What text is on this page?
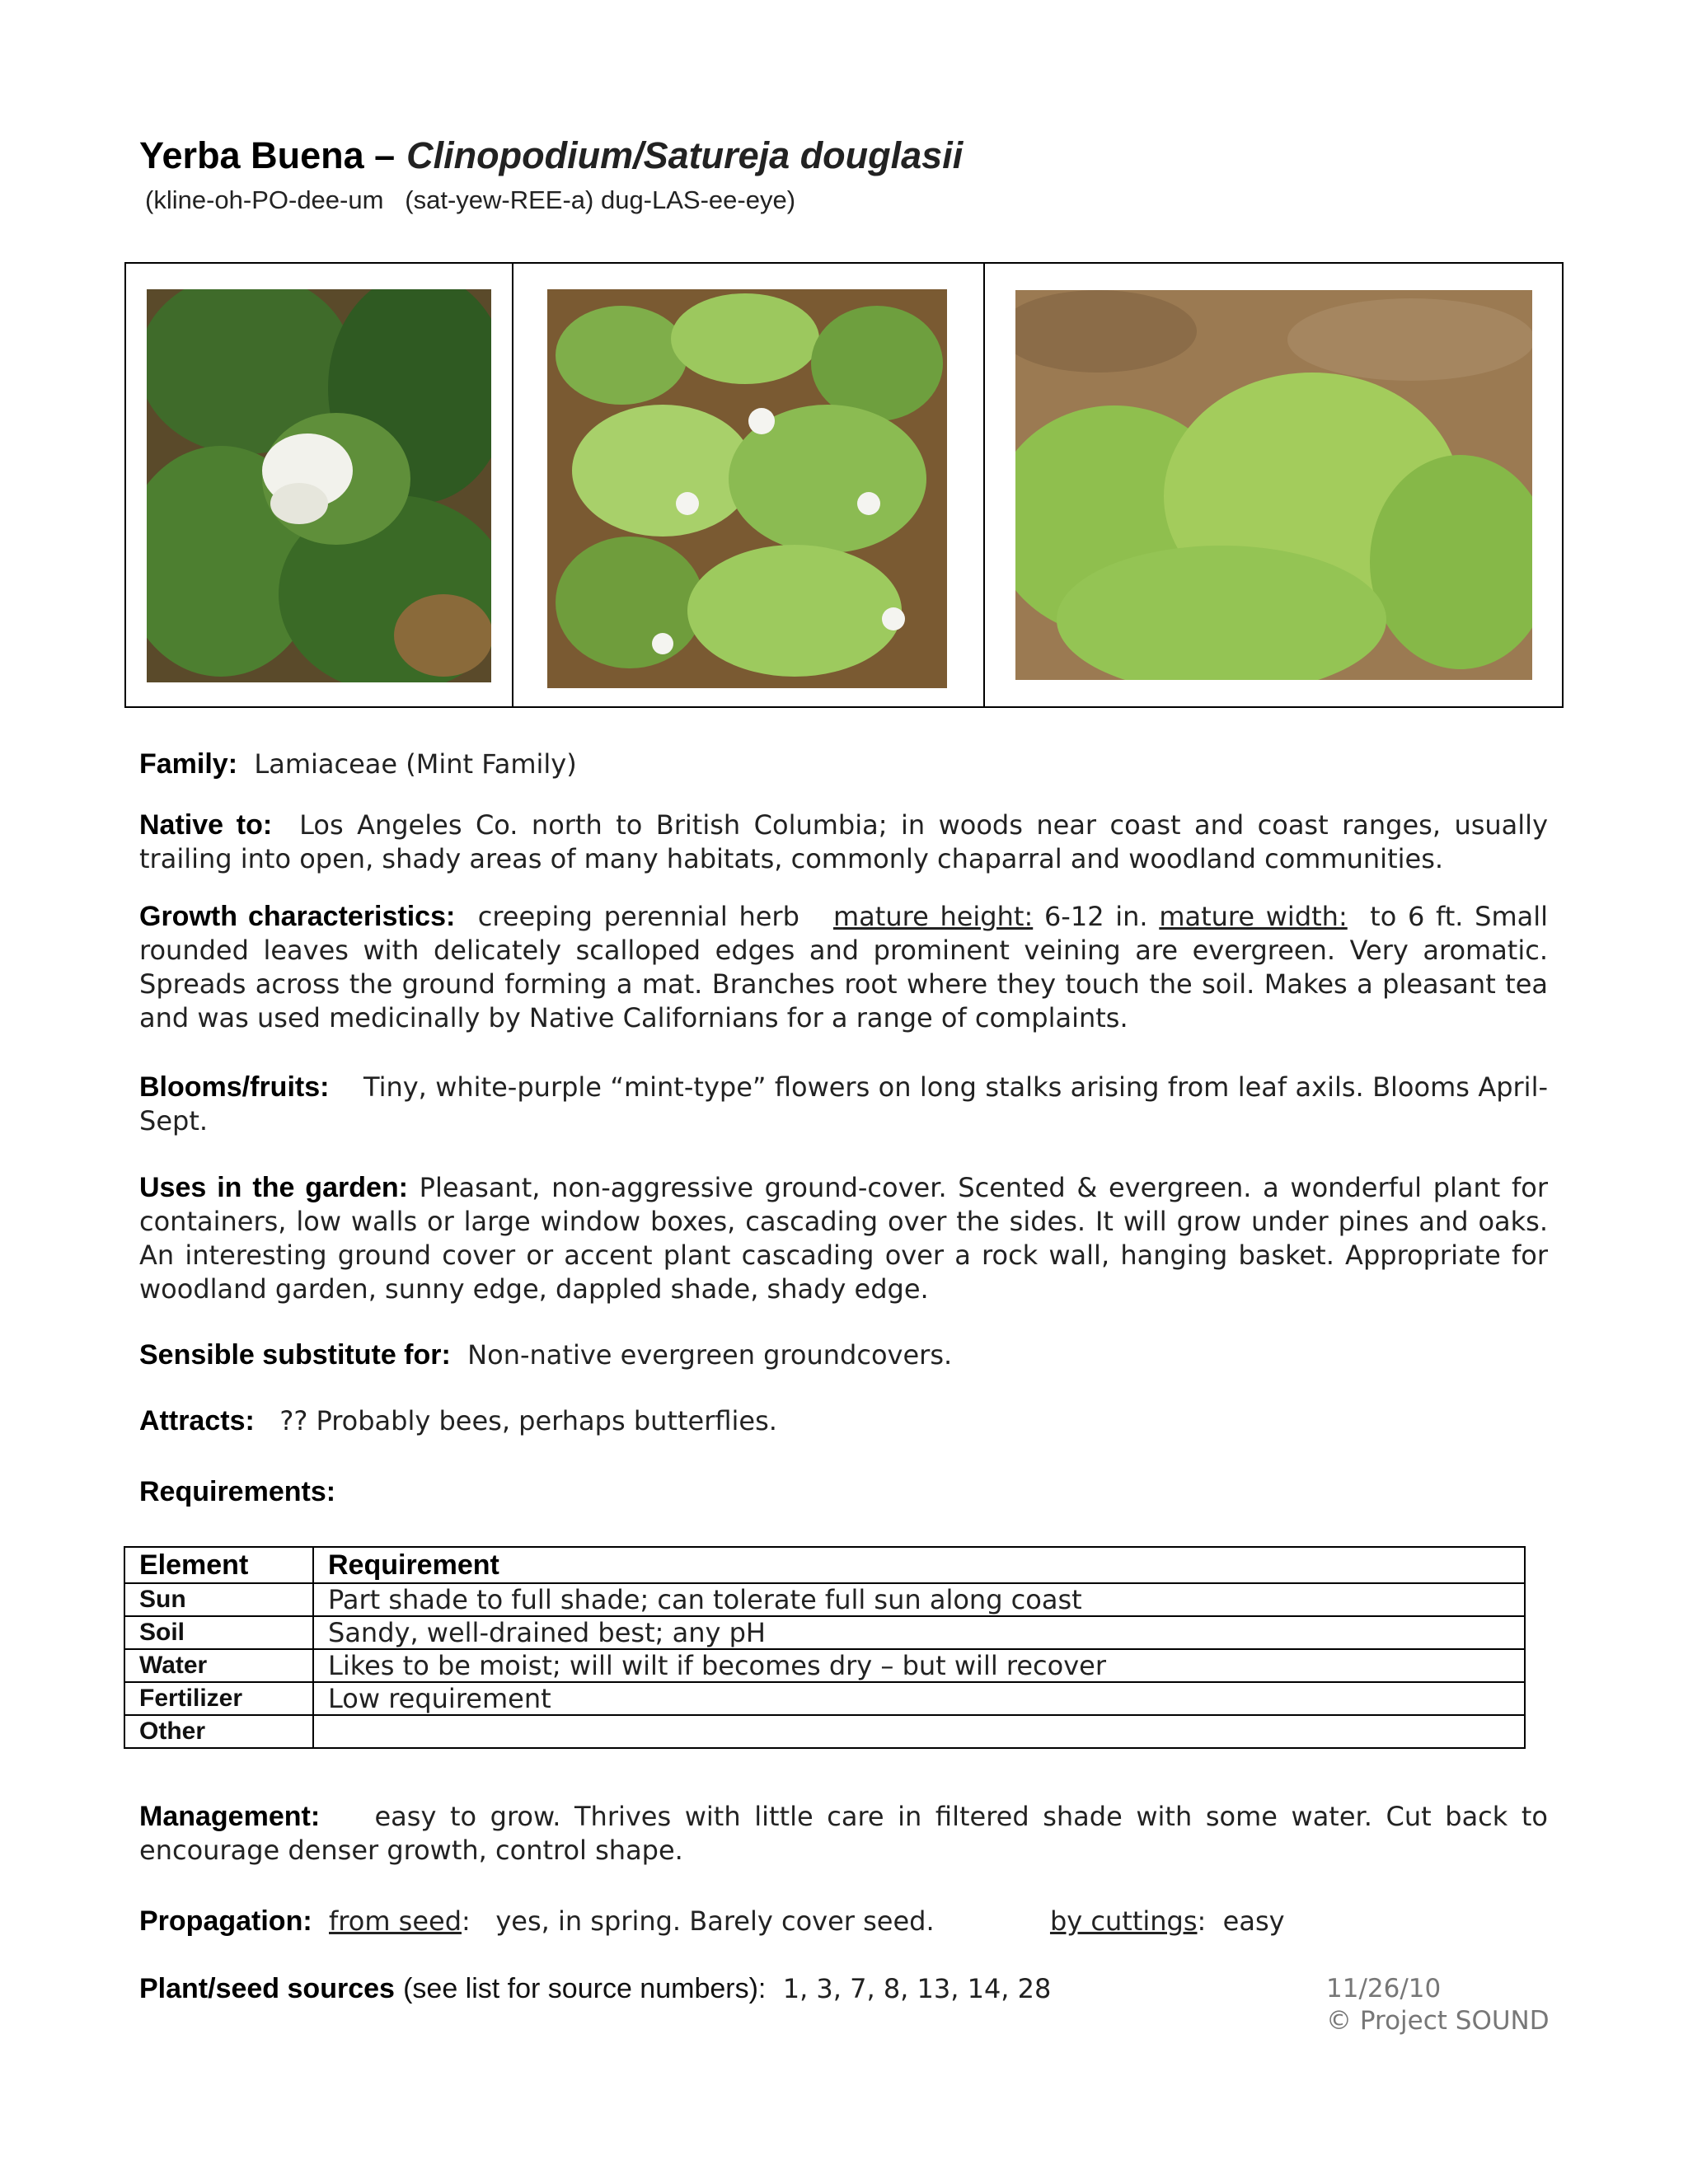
Yerba Buena – Clinopodium/Satureja douglasii
(kline-oh-PO-dee-um   (sat-yew-REE-a) dug-LAS-ee-eye)
Family: Lamiaceae (Mint Family)
Native to: Los Angeles Co. north to British Columbia; in woods near coast and coast ranges, usually trailing into open, shady areas of many habitats, commonly chaparral and woodland communities.
Growth characteristics: creeping perennial herb mature height: 6-12 in. mature width: to 6 ft. Small rounded leaves with delicately scalloped edges and prominent veining are evergreen. Very aromatic. Spreads across the ground forming a mat. Branches root where they touch the soil. Makes a pleasant tea and was used medicinally by Native Californians for a range of complaints.
Blooms/fruits: Tiny, white-purple “mint-type” flowers on long stalks arising from leaf axils. Blooms April-Sept.
Uses in the garden: Pleasant, non-aggressive ground-cover. Scented & evergreen. a wonderful plant for containers, low walls or large window boxes, cascading over the sides. It will grow under pines and oaks. An interesting ground cover or accent plant cascading over a rock wall, hanging basket. Appropriate for woodland garden, sunny edge, dappled shade, shady edge.
Sensible substitute for: Non-native evergreen groundcovers.
Attracts: ?? Probably bees, perhaps butterflies.
Requirements:
Element	Requirement
Sun	Part shade to full shade; can tolerate full sun along coast
Soil	Sandy, well-drained best; any pH
Water	Likes to be moist; will wilt if becomes dry – but will recover
Fertilizer	Low requirement
Other	
Management: easy to grow. Thrives with little care in filtered shade with some water. Cut back to encourage denser growth, control shape.
Propagation: from seed:   yes, in spring. Barely cover seed.	by cuttings:  easy
Plant/seed sources (see list for source numbers): 1, 3, 7, 8, 13, 14, 28	11/26/10
© Project SOUND
